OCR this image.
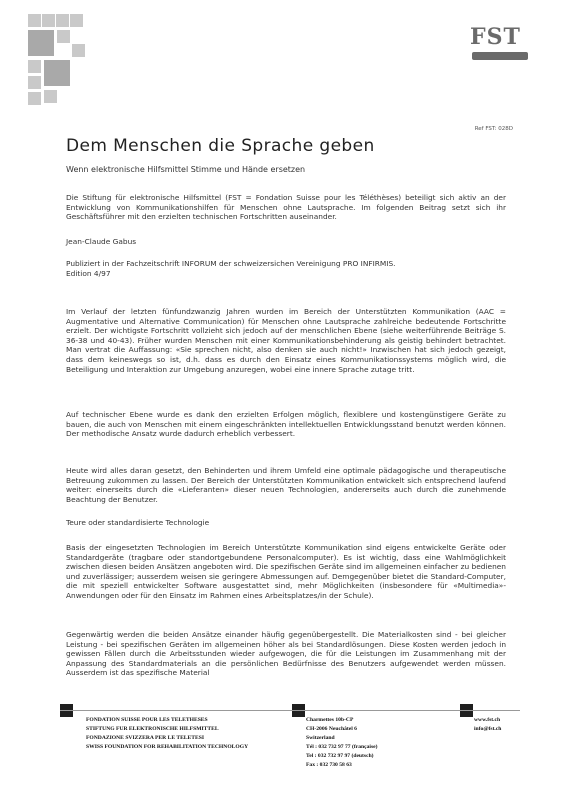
FST
Ref FST: 028D
Dem Menschen die Sprache geben
Wenn elektronische Hilfsmittel Stimme und Hände ersetzen

Die Stiftung für elektronische Hilfsmittel (FST = Fondation Suisse pour les Téléthèses) beteiligt sich aktiv an der Entwicklung von Kommunikationshilfen für Menschen ohne Lautsprache. Im folgenden Beitrag setzt sich ihr Geschäftsführer mit den erzielten technischen Fortschritten auseinander.

Jean-Claude Gabus

Publiziert in der Fachzeitschrift INFORUM der schweizersichen Vereinigung PRO INFIRMIS.

Edition 4/97

Im Verlauf der letzten fünfundzwanzig Jahren wurden im Bereich der Unterstützten Kommunikation (AAC = Augmentative und Alternative Communication) für Menschen ohne Lautsprache zahlreiche bedeutende Fortschritte erzielt. Der wichtigste Fortschritt vollzieht sich jedoch auf der menschlichen Ebene (siehe weiterführende Beiträge S. 36-38 und 40-43). Früher wurden Menschen mit einer Kommunikationsbehinderung als geistig behindert betrachtet. Man vertrat die Auffassung: «Sie sprechen nicht, also denken sie auch nicht!» Inzwischen hat sich jedoch gezeigt, dass dem keineswegs so ist, d.h. dass es durch den Einsatz eines Kommunikationssystems möglich wird, die Beteiligung und Interaktion zur Umgebung anzuregen, wobei eine innere Sprache zutage tritt.

Auf technischer Ebene wurde es dank den erzielten Erfolgen möglich, flexiblere und kostengünstigere Geräte zu bauen, die auch von Menschen mit einem eingeschränkten intellektuellen Entwicklungsstand benutzt werden können. Der methodische Ansatz wurde dadurch erheblich verbessert.

Heute wird alles daran gesetzt, den Behinderten und ihrem Umfeld eine optimale pädagogische und therapeutische Betreuung zukommen zu lassen. Der Bereich der Unterstützten Kommunikation entwickelt sich entsprechend laufend weiter: einerseits durch die «Lieferanten» dieser neuen Technologien, andererseits auch durch die zunehmende Beachtung der Benutzer.

Teure oder standardisierte Technologie

Basis der eingesetzten Technologien im Bereich Unterstützte Kommunikation sind eigens entwickelte Geräte oder Standardgeräte (tragbare oder standortgebundene Personalcomputer). Es ist wichtig, dass eine Wahlmöglichkeit zwischen diesen beiden Ansätzen angeboten wird. Die spezifischen Geräte sind im allgemeinen einfacher zu bedienen und zuverlässiger; ausserdem weisen sie geringere Abmessungen auf. Demgegenüber bietet die Standard-Computer, die mit speziell entwickelter Software ausgestattet sind, mehr Möglichkeiten (insbesondere für «Multimedia»-Anwendungen oder für den Einsatz im Rahmen eines Arbeitsplatzes/in der Schule).

Gegenwärtig werden die beiden Ansätze einander häufig gegenübergestellt. Die Materialkosten sind - bei gleicher Leistung - bei spezifischen Geräten im allgemeinen höher als bei Standardlösungen. Diese Kosten werden jedoch in gewissen Fällen durch die Arbeitsstunden wieder aufgewogen, die für die Leistungen im Zusammenhang mit der Anpassung des Standardmaterials an die persönlichen Bedürfnisse des Benutzers aufgewendet werden müssen. Ausserdem ist das spezifische Material

FONDATION SUISSE POUR LES TELETHESES
STIFTUNG FUR ELEKTRONISCHE HILFSMITTEL
FONDAZIONE SVIZZERA PER LE TELETESI
SWISS FOUNDATION FOR REHABILITATION TECHNOLOGY
Charmettes 10b-CP
CH-2006 Neuchâtel 6
Switzerland
Tél : 032 732 97 77 (française)
Tel : 032 732 97 97 (deutsch)
Fax : 032 730 58 63
www.fst.ch
info@fst.ch
